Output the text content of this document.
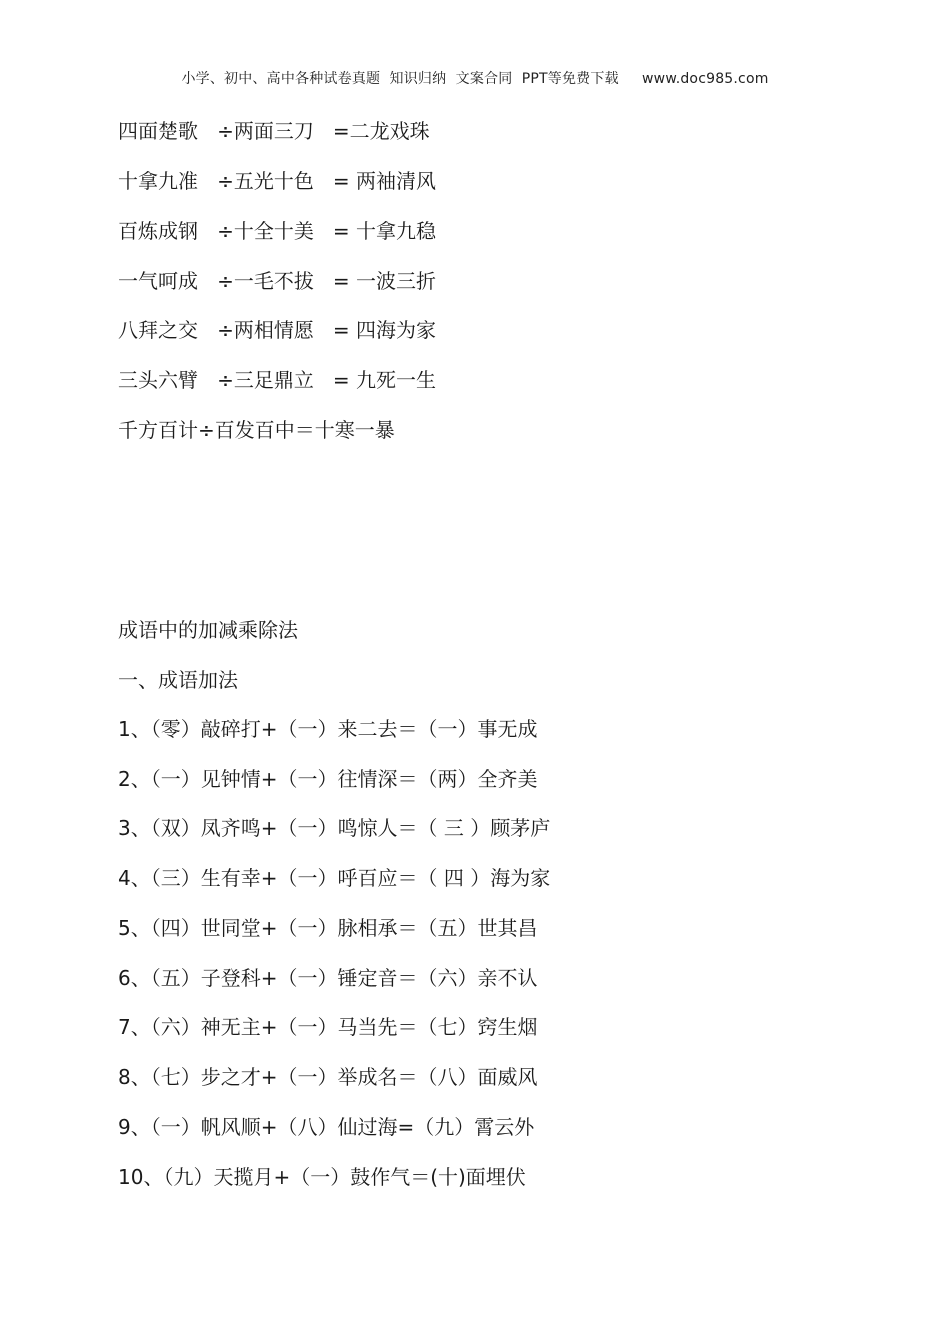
小学、初中、高中各种试卷真题  知识归纳  文案合同  PPT等免费下载     www.doc985.com
四面楚歌   ÷两面三刀   =二龙戏珠
十拿九准   ÷五光十色   = 两袖清风
百炼成钢   ÷十全十美   = 十拿九稳
一气呵成   ÷一毛不拔   = 一波三折
八拜之交   ÷两相情愿   = 四海为家
三头六臂   ÷三足鼎立   = 九死一生
千方百计÷百发百中＝十寒一暴
成语中的加减乘除法
一、成语加法
1、（零）敲碎打+（一）来二去＝（一）事无成
2、（一）见钟情+（一）往情深＝（两）全齐美
3、（双）凤齐鸣+（一）鸣惊人＝（ 三 ）顾茅庐
4、（三）生有幸+（一）呼百应＝（ 四 ）海为家
5、（四）世同堂+（一）脉相承＝（五）世其昌
6、（五）子登科+（一）锤定音＝（六）亲不认
7、（六）神无主+（一）马当先＝（七）窍生烟
8、（七）步之才+（一）举成名＝（八）面威风
9、（一）帆风顺+（八）仙过海=（九）霄云外
10、（九）天揽月+（一）鼓作气＝(十)面埋伏
